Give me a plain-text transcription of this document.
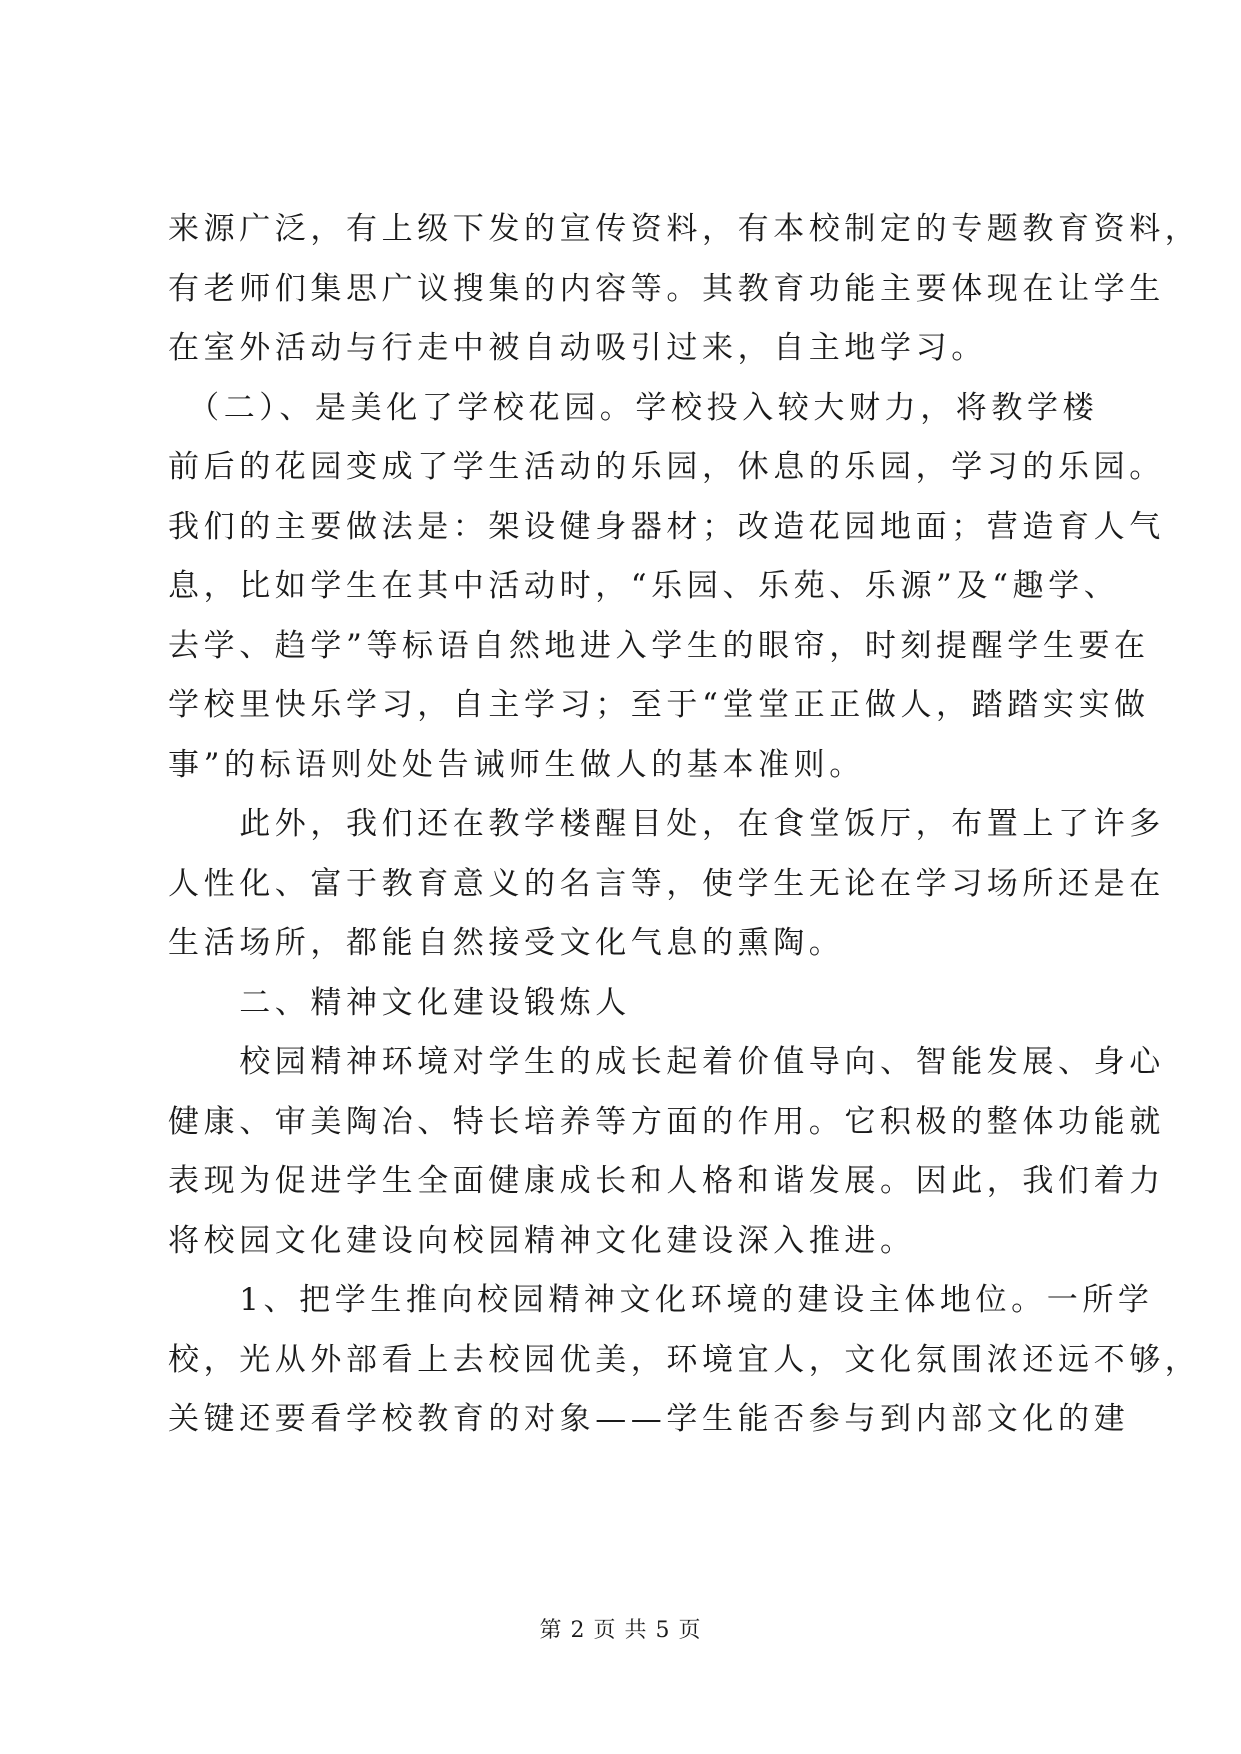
来源广泛，有上级下发的宣传资料，有本校制定的专题教育资料，
有老师们集思广议搜集的内容等。其教育功能主要体现在让学生
在室外活动与行走中被自动吸引过来，自主地学习。
　（二）、是美化了学校花园。学校投入较大财力，将教学楼
前后的花园变成了学生活动的乐园，休息的乐园，学习的乐园。
我们的主要做法是：架设健身器材；改造花园地面；营造育人气
息，比如学生在其中活动时，“乐园、乐苑、乐源”及“趣学、
去学、趋学”等标语自然地进入学生的眼帘，时刻提醒学生要在
学校里快乐学习，自主学习；至于“堂堂正正做人，踏踏实实做
事”的标语则处处告诫师生做人的基本准则。
　　此外，我们还在教学楼醒目处，在食堂饭厅，布置上了许多
人性化、富于教育意义的名言等，使学生无论在学习场所还是在
生活场所，都能自然接受文化气息的熏陶。
　　二、精神文化建设锻炼人
　　校园精神环境对学生的成长起着价值导向、智能发展、身心
健康、审美陶冶、特长培养等方面的作用。它积极的整体功能就
表现为促进学生全面健康成长和人格和谐发展。因此，我们着力
将校园文化建设向校园精神文化建设深入推进。
　　1、把学生推向校园精神文化环境的建设主体地位。一所学
校，光从外部看上去校园优美，环境宜人，文化氛围浓还远不够，
关键还要看学校教育的对象——学生能否参与到内部文化的建
第 2 页 共 5 页
